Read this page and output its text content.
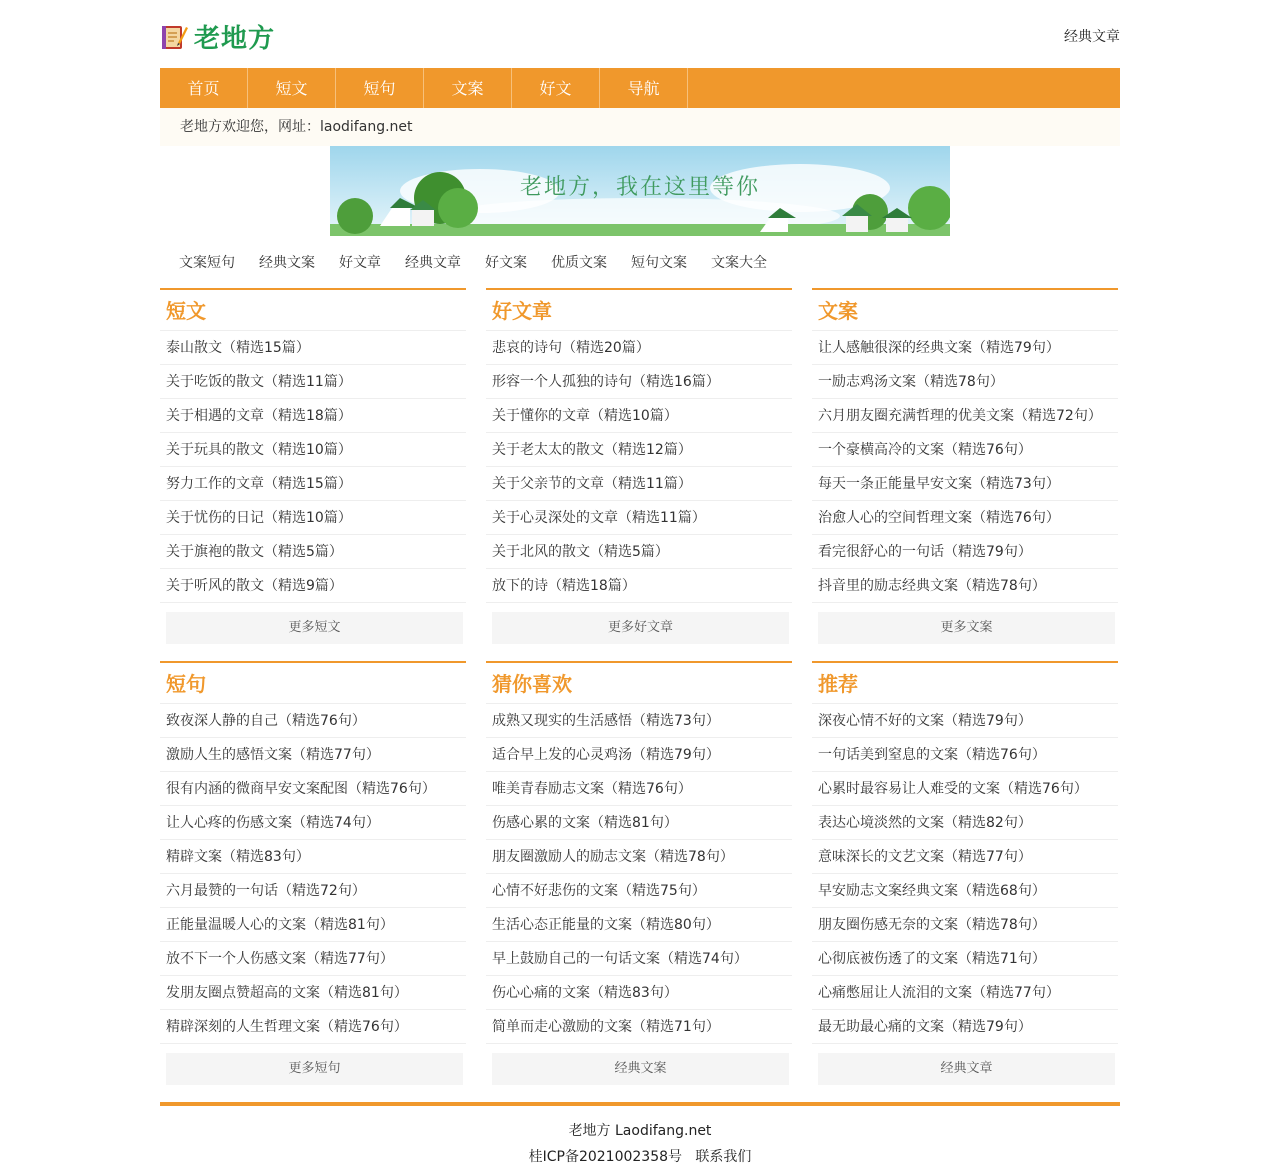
老地方	经典文章
首页	短文	短句	文案	好文	导航
老地方欢迎您，网址：laodifang.net
老地方，我在这里等你
文案短句 经典文案 好文章 经典文章 好文案 优质文案 短句文案 文案大全
短文
泰山散文（精选15篇）
关于吃饭的散文（精选11篇）
关于相遇的文章（精选18篇）
关于玩具的散文（精选10篇）
努力工作的文章（精选15篇）
关于忧伤的日记（精选10篇）
关于旗袍的散文（精选5篇）
关于听风的散文（精选9篇）
更多短文
好文章
悲哀的诗句（精选20篇）
形容一个人孤独的诗句（精选16篇）
关于懂你的文章（精选10篇）
关于老太太的散文（精选12篇）
关于父亲节的文章（精选11篇）
关于心灵深处的文章（精选11篇）
关于北风的散文（精选5篇）
放下的诗（精选18篇）
更多好文章
文案
让人感触很深的经典文案（精选79句）
一励志鸡汤文案（精选78句）
六月朋友圈充满哲理的优美文案（精选72句）
一个豪横高冷的文案（精选76句）
每天一条正能量早安文案（精选73句）
治愈人心的空间哲理文案（精选76句）
看完很舒心的一句话（精选79句）
抖音里的励志经典文案（精选78句）
更多文案
短句
致夜深人静的自己（精选76句）
激励人生的感悟文案（精选77句）
很有内涵的微商早安文案配图（精选76句）
让人心疼的伤感文案（精选74句）
精辟文案（精选83句）
六月最赞的一句话（精选72句）
正能量温暖人心的文案（精选81句）
放不下一个人伤感文案（精选77句）
发朋友圈点赞超高的文案（精选81句）
精辟深刻的人生哲理文案（精选76句）
更多短句
猜你喜欢
成熟又现实的生活感悟（精选73句）
适合早上发的心灵鸡汤（精选79句）
唯美青春励志文案（精选76句）
伤感心累的文案（精选81句）
朋友圈激励人的励志文案（精选78句）
心情不好悲伤的文案（精选75句）
生活心态正能量的文案（精选80句）
早上鼓励自己的一句话文案（精选74句）
伤心心痛的文案（精选83句）
简单而走心激励的文案（精选71句）
经典文案
推荐
深夜心情不好的文案（精选79句）
一句话美到窒息的文案（精选76句）
心累时最容易让人难受的文案（精选76句）
表达心境淡然的文案（精选82句）
意味深长的文艺文案（精选77句）
早安励志文案经典文案（精选68句）
朋友圈伤感无奈的文案（精选78句）
心彻底被伤透了的文案（精选71句）
心痛憋屈让人流泪的文案（精选77句）
最无助最心痛的文案（精选79句）
经典文章
老地方 Laodifang.net
桂ICP备2021002358号 联系我们
